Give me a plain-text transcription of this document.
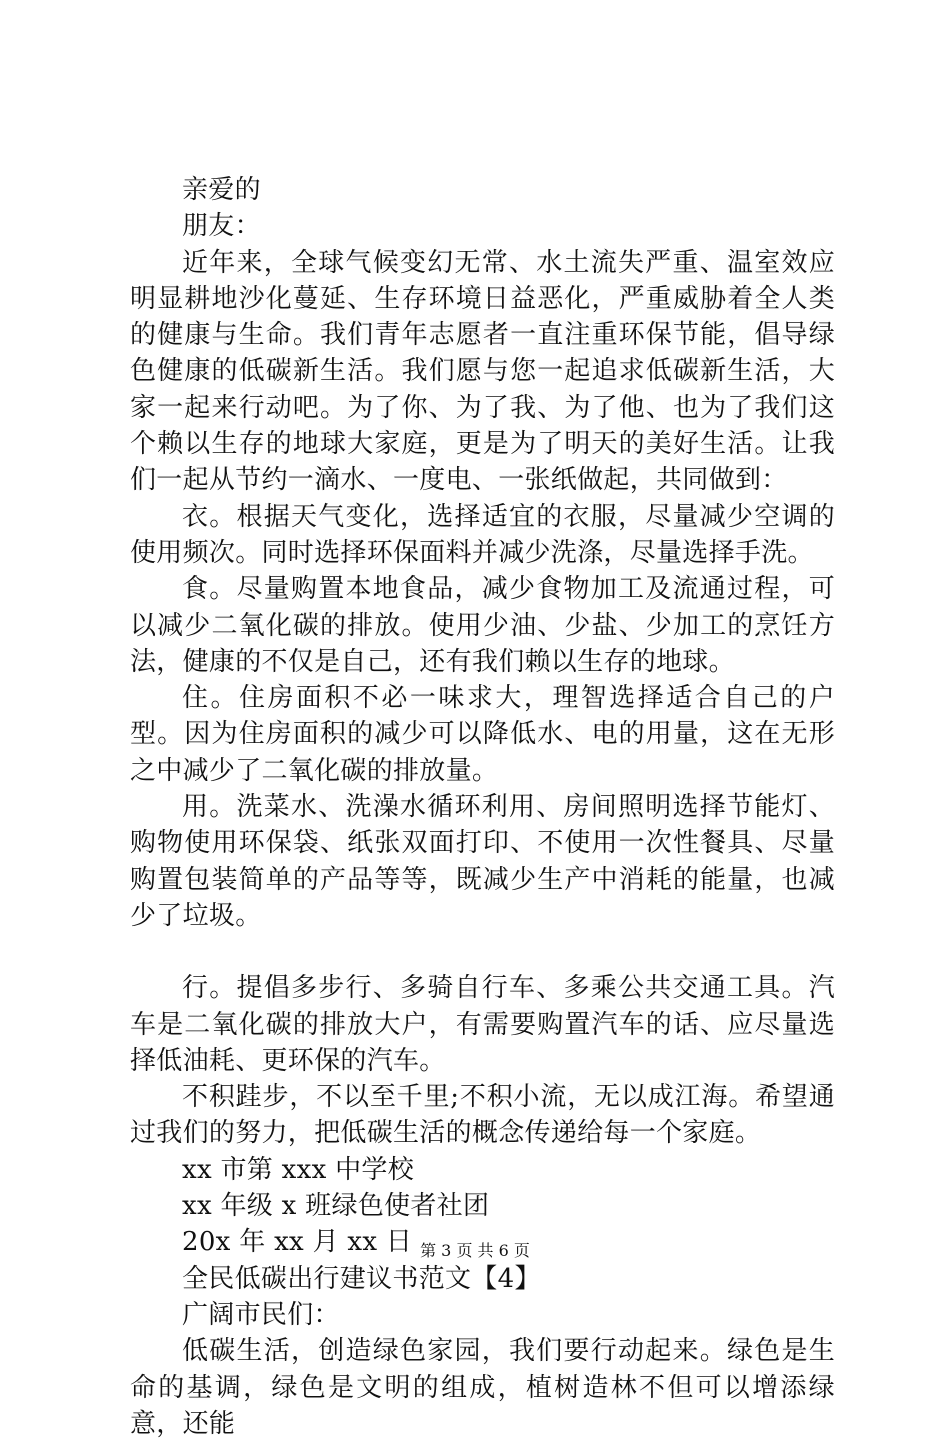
亲爱的

朋友：

近年来，全球气候变幻无常、水土流失严重、温室效应明显耕地沙化蔓延、生存环境日益恶化，严重威胁着全人类的健康与生命。我们青年志愿者一直注重环保节能，倡导绿色健康的低碳新生活。我们愿与您一起追求低碳新生活，大家一起来行动吧。为了你、为了我、为了他、也为了我们这个赖以生存的地球大家庭，更是为了明天的美好生活。让我们一起从节约一滴水、一度电、一张纸做起，共同做到：

衣。根据天气变化，选择适宜的衣服，尽量减少空调的使用频次。同时选择环保面料并减少洗涤，尽量选择手洗。

食。尽量购置本地食品，减少食物加工及流通过程，可以减少二氧化碳的排放。使用少油、少盐、少加工的烹饪方法，健康的不仅是自己，还有我们赖以生存的地球。

住。住房面积不必一味求大，理智选择适合自己的户型。因为住房面积的减少可以降低水、电的用量，这在无形之中减少了二氧化碳的排放量。

用。洗菜水、洗澡水循环利用、房间照明选择节能灯、购物使用环保袋、纸张双面打印、不使用一次性餐具、尽量购置包装简单的产品等等，既减少生产中消耗的能量，也减少了垃圾。

行。提倡多步行、多骑自行车、多乘公共交通工具。汽车是二氧化碳的排放大户，有需要购置汽车的话、应尽量选择低油耗、更环保的汽车。

不积跬步，不以至千里;不积小流，无以成江海。希望通过我们的努力，把低碳生活的概念传递给每一个家庭。

xx 市第 xxx 中学校

xx 年级 x 班绿色使者社团

20x 年 xx 月 xx 日

全民低碳出行建议书范文【4】

广阔市民们：

低碳生活，创造绿色家园，我们要行动起来。绿色是生命的基调，绿色是文明的组成，植树造林不但可以增添绿意，还能

第 3 页 共 6 页
